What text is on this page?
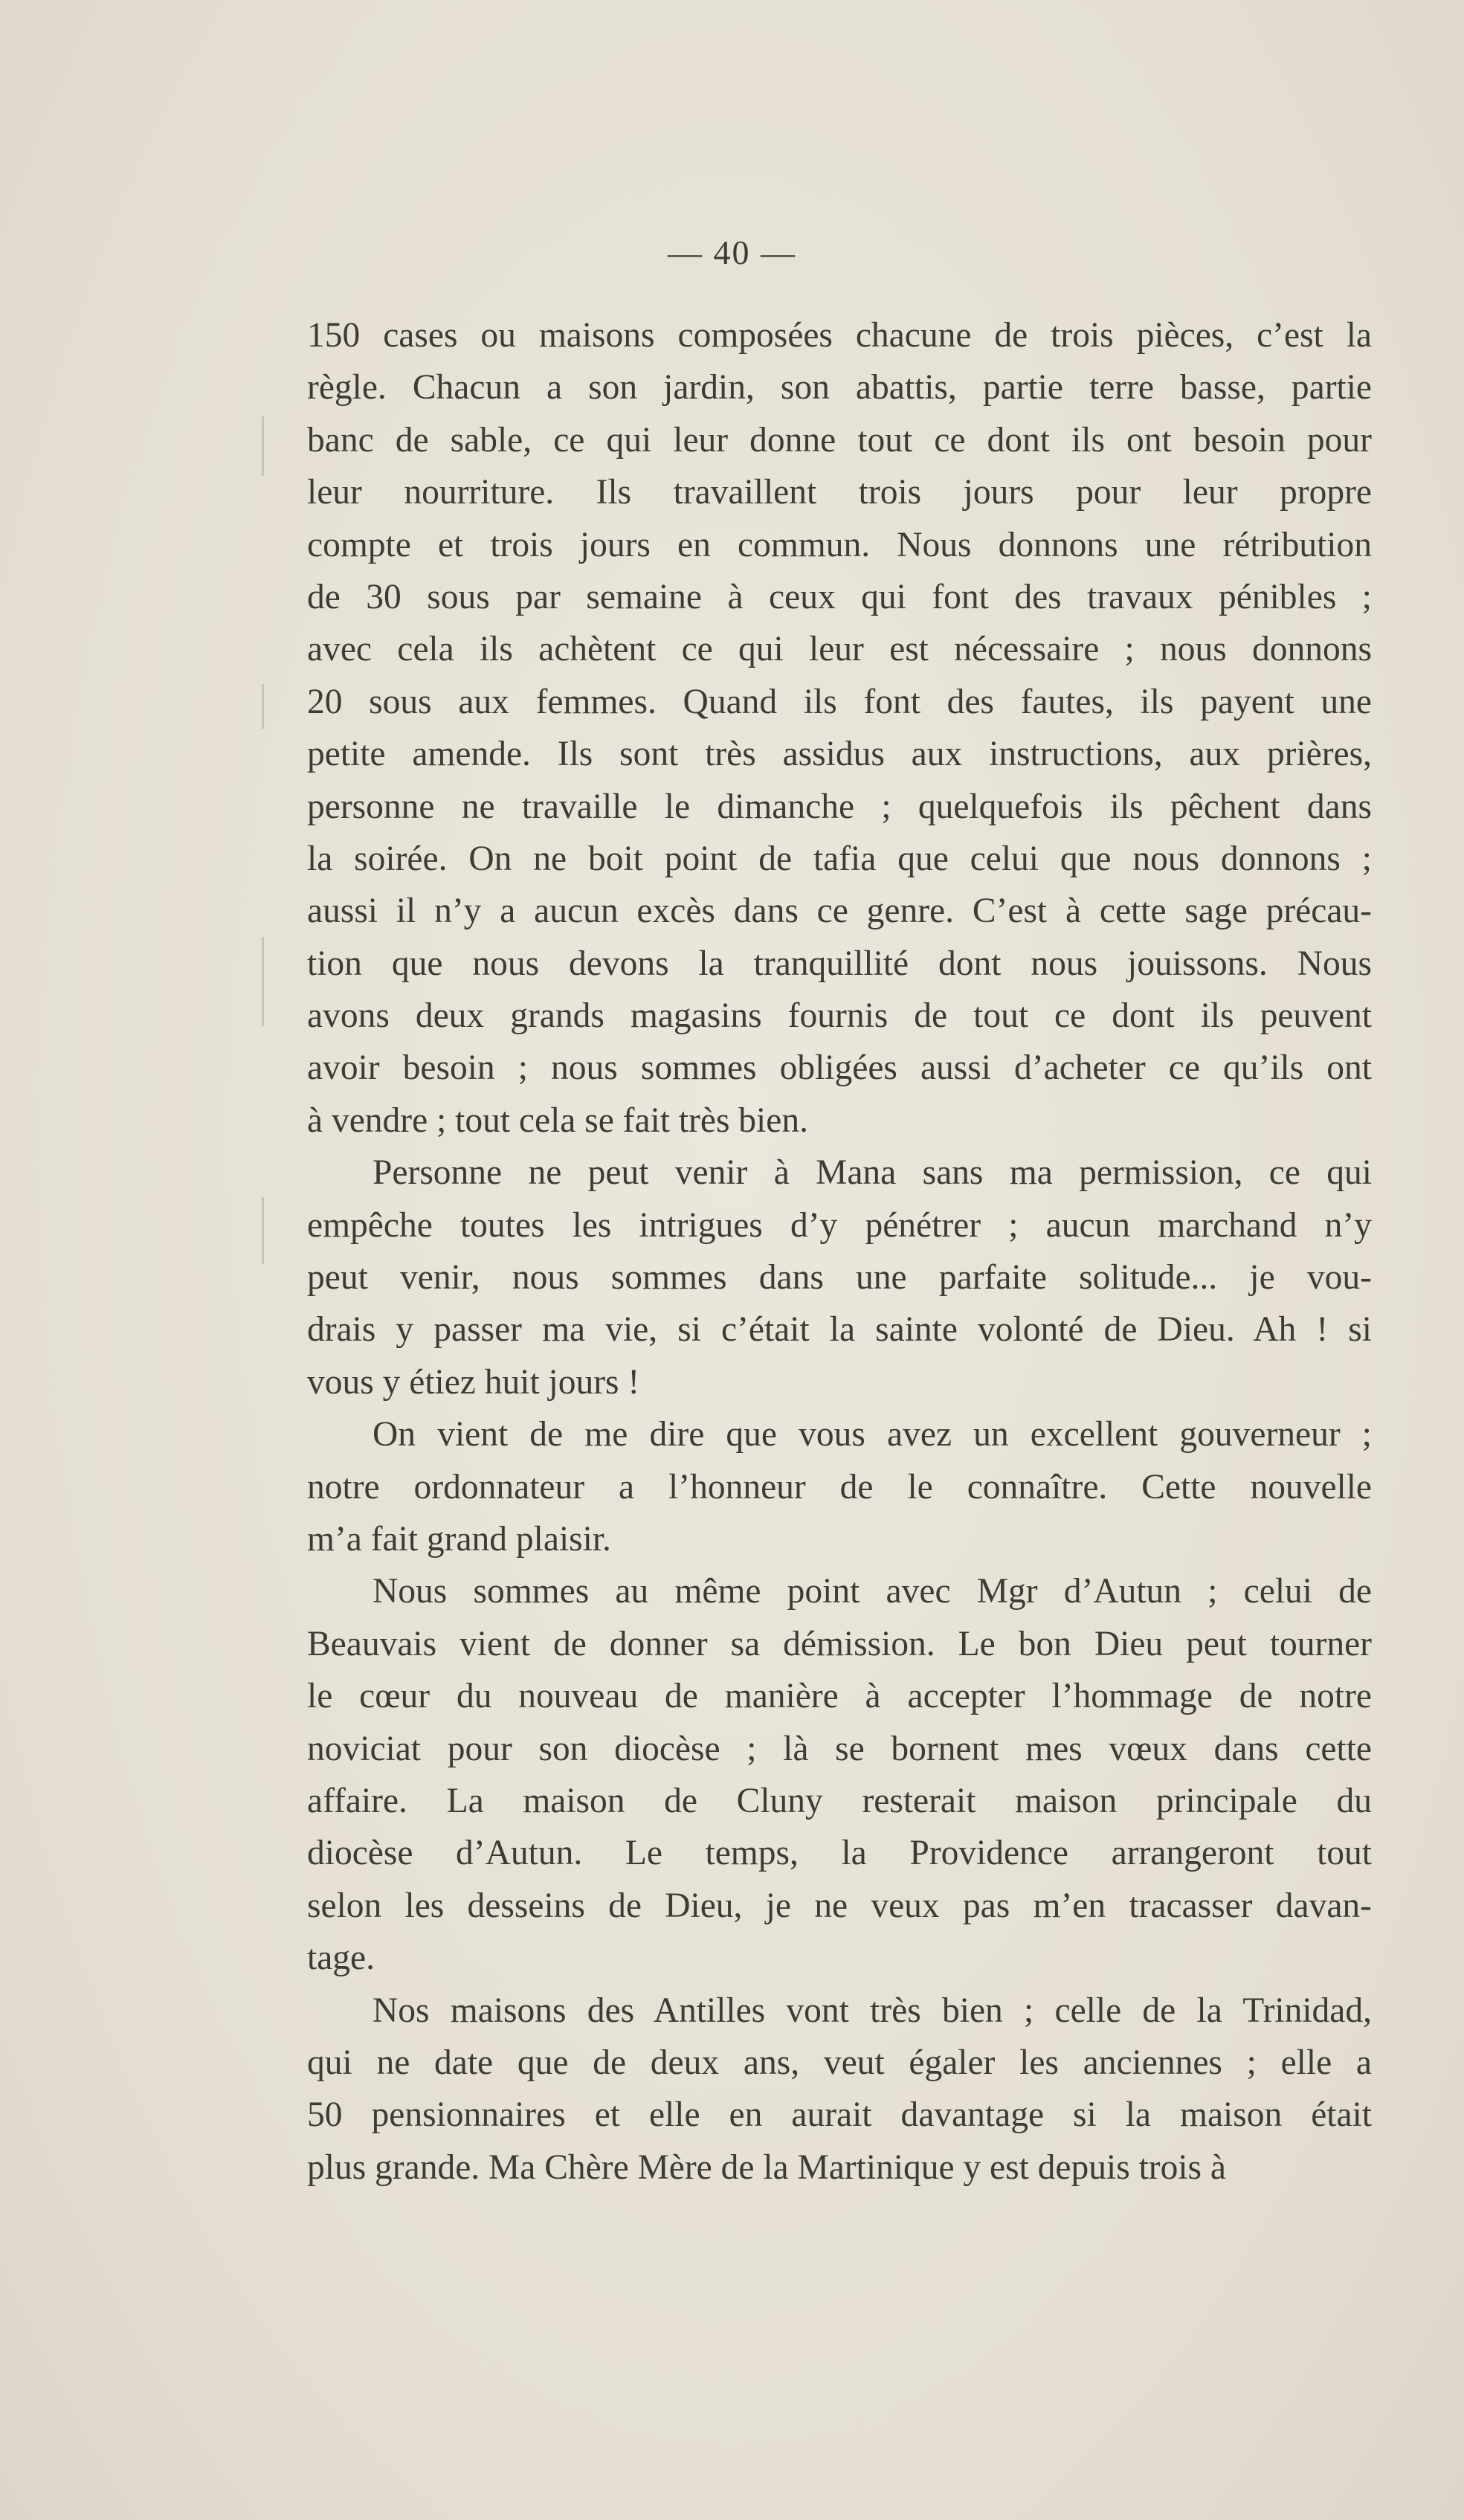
— 40 —
150 cases ou maisons composées chacune de trois pièces, c’est la
règle. Chacun a son jardin, son abattis, partie terre basse, partie
banc de sable, ce qui leur donne tout ce dont ils ont besoin pour
leur nourriture. Ils travaillent trois jours pour leur propre
compte et trois jours en commun. Nous donnons une rétribution
de 30 sous par semaine à ceux qui font des travaux pénibles ;
avec cela ils achètent ce qui leur est nécessaire ; nous donnons
20 sous aux femmes. Quand ils font des fautes, ils payent une
petite amende. Ils sont très assidus aux instructions, aux prières,
personne ne travaille le dimanche ; quelquefois ils pêchent dans
la soirée. On ne boit point de tafia que celui que nous donnons ;
aussi il n’y a aucun excès dans ce genre. C’est à cette sage précau-
tion que nous devons la tranquillité dont nous jouissons. Nous
avons deux grands magasins fournis de tout ce dont ils peuvent
avoir besoin ; nous sommes obligées aussi d’acheter ce qu’ils ont
à vendre ; tout cela se fait très bien.
Personne ne peut venir à Mana sans ma permission, ce qui
empêche toutes les intrigues d’y pénétrer ; aucun marchand n’y
peut venir, nous sommes dans une parfaite solitude... je vou-
drais y passer ma vie, si c’était la sainte volonté de Dieu. Ah ! si
vous y étiez huit jours !
On vient de me dire que vous avez un excellent gouverneur ;
notre ordonnateur a l’honneur de le connaître. Cette nouvelle
m’a fait grand plaisir.
Nous sommes au même point avec Mgr d’Autun ; celui de
Beauvais vient de donner sa démission. Le bon Dieu peut tourner
le cœur du nouveau de manière à accepter l’hommage de notre
noviciat pour son diocèse ; là se bornent mes vœux dans cette
affaire. La maison de Cluny resterait maison principale du
diocèse d’Autun. Le temps, la Providence arrangeront tout
selon les desseins de Dieu, je ne veux pas m’en tracasser davan-
tage.
Nos maisons des Antilles vont très bien ; celle de la Trinidad,
qui ne date que de deux ans, veut égaler les anciennes ; elle a
50 pensionnaires et elle en aurait davantage si la maison était
plus grande. Ma Chère Mère de la Martinique y est depuis trois à
